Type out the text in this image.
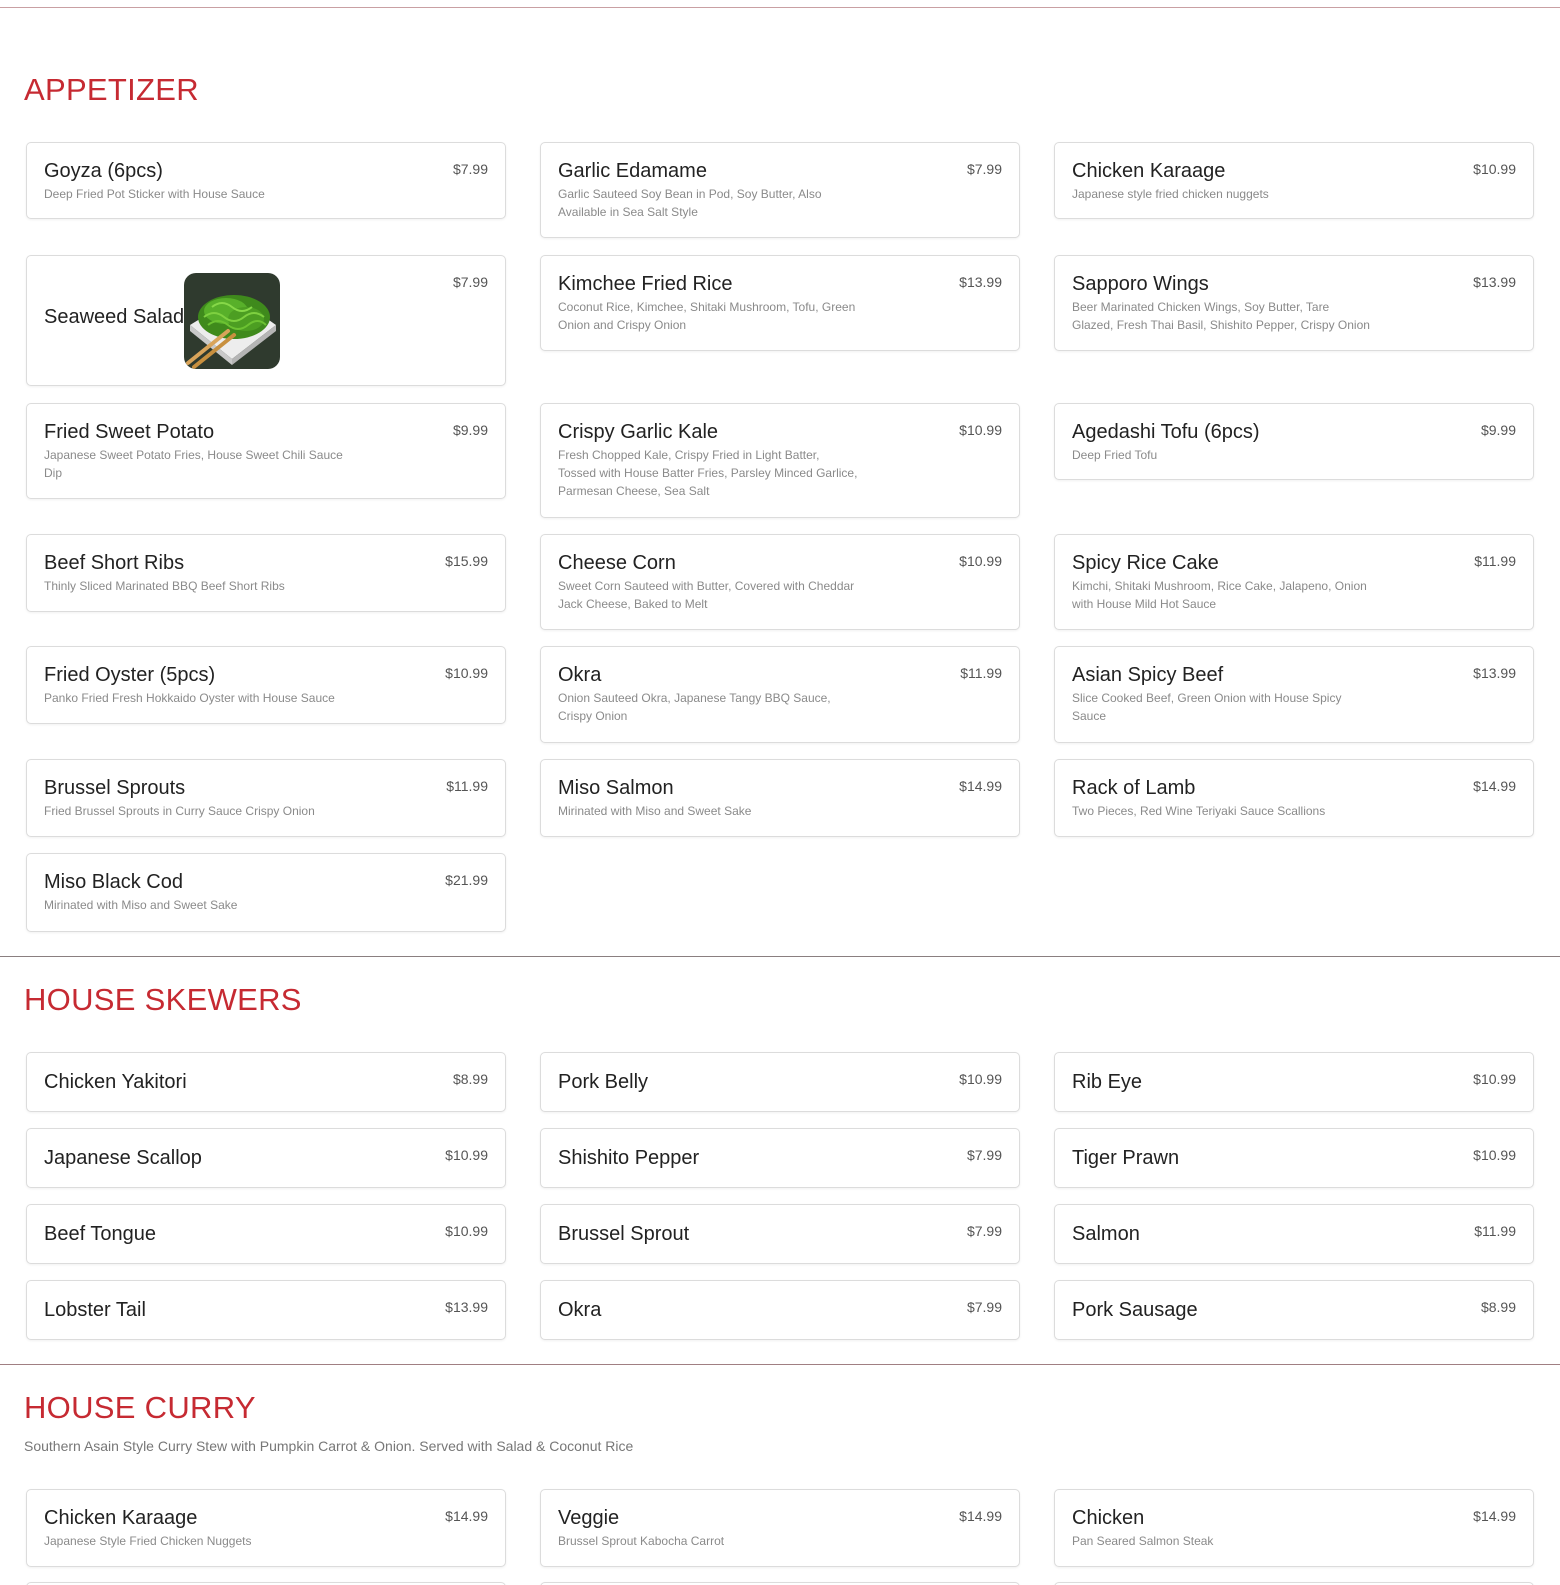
APPETIZER
Goyza (6pcs)
Deep Fried Pot Sticker with House Sauce
$7.99	Garlic Edamame
Garlic Sauteed Soy Bean in Pod, Soy Butter, Also Available in Sea Salt Style
$7.99	Chicken Karaage
Japanese style fried chicken nuggets
$10.99
Seaweed Salad
$7.99	Kimchee Fried Rice
Coconut Rice, Kimchee, Shitaki Mushroom, Tofu, Green Onion and Crispy Onion
$13.99	Sapporo Wings
Beer Marinated Chicken Wings, Soy Butter, Tare Glazed, Fresh Thai Basil, Shishito Pepper, Crispy Onion
$13.99
Fried Sweet Potato
Japanese Sweet Potato Fries, House Sweet Chili Sauce Dip
$9.99	Crispy Garlic Kale
Fresh Chopped Kale, Crispy Fried in Light Batter, Tossed with House Batter Fries, Parsley Minced Garlice, Parmesan Cheese, Sea Salt
$10.99	Agedashi Tofu (6pcs)
Deep Fried Tofu
$9.99
Beef Short Ribs
Thinly Sliced Marinated BBQ Beef Short Ribs
$15.99	Cheese Corn
Sweet Corn Sauteed with Butter, Covered with Cheddar Jack Cheese, Baked to Melt
$10.99	Spicy Rice Cake
Kimchi, Shitaki Mushroom, Rice Cake, Jalapeno, Onion with House Mild Hot Sauce
$11.99
Fried Oyster (5pcs)
Panko Fried Fresh Hokkaido Oyster with House Sauce
$10.99	Okra
Onion Sauteed Okra, Japanese Tangy BBQ Sauce, Crispy Onion
$11.99	Asian Spicy Beef
Slice Cooked Beef, Green Onion with House Spicy Sauce
$13.99
Brussel Sprouts
Fried Brussel Sprouts in Curry Sauce Crispy Onion
$11.99	Miso Salmon
Mirinated with Miso and Sweet Sake
$14.99	Rack of Lamb
Two Pieces, Red Wine Teriyaki Sauce Scallions
$14.99
Miso Black Cod
Mirinated with Miso and Sweet Sake
$21.99
HOUSE SKEWERS
Chicken Yakitori	$8.99	Pork Belly	$10.99	Rib Eye	$10.99
Japanese Scallop	$10.99	Shishito Pepper	$7.99	Tiger Prawn	$10.99
Beef Tongue	$10.99	Brussel Sprout	$7.99	Salmon	$11.99
Lobster Tail	$13.99	Okra	$7.99	Pork Sausage	$8.99
HOUSE CURRY
Southern Asain Style Curry Stew with Pumpkin Carrot & Onion. Served with Salad & Coconut Rice
Chicken Karaage
Japanese Style Fried Chicken Nuggets
$14.99	Veggie
Brussel Sprout Kabocha Carrot
$14.99	Chicken
Pan Seared Salmon Steak
$14.99
